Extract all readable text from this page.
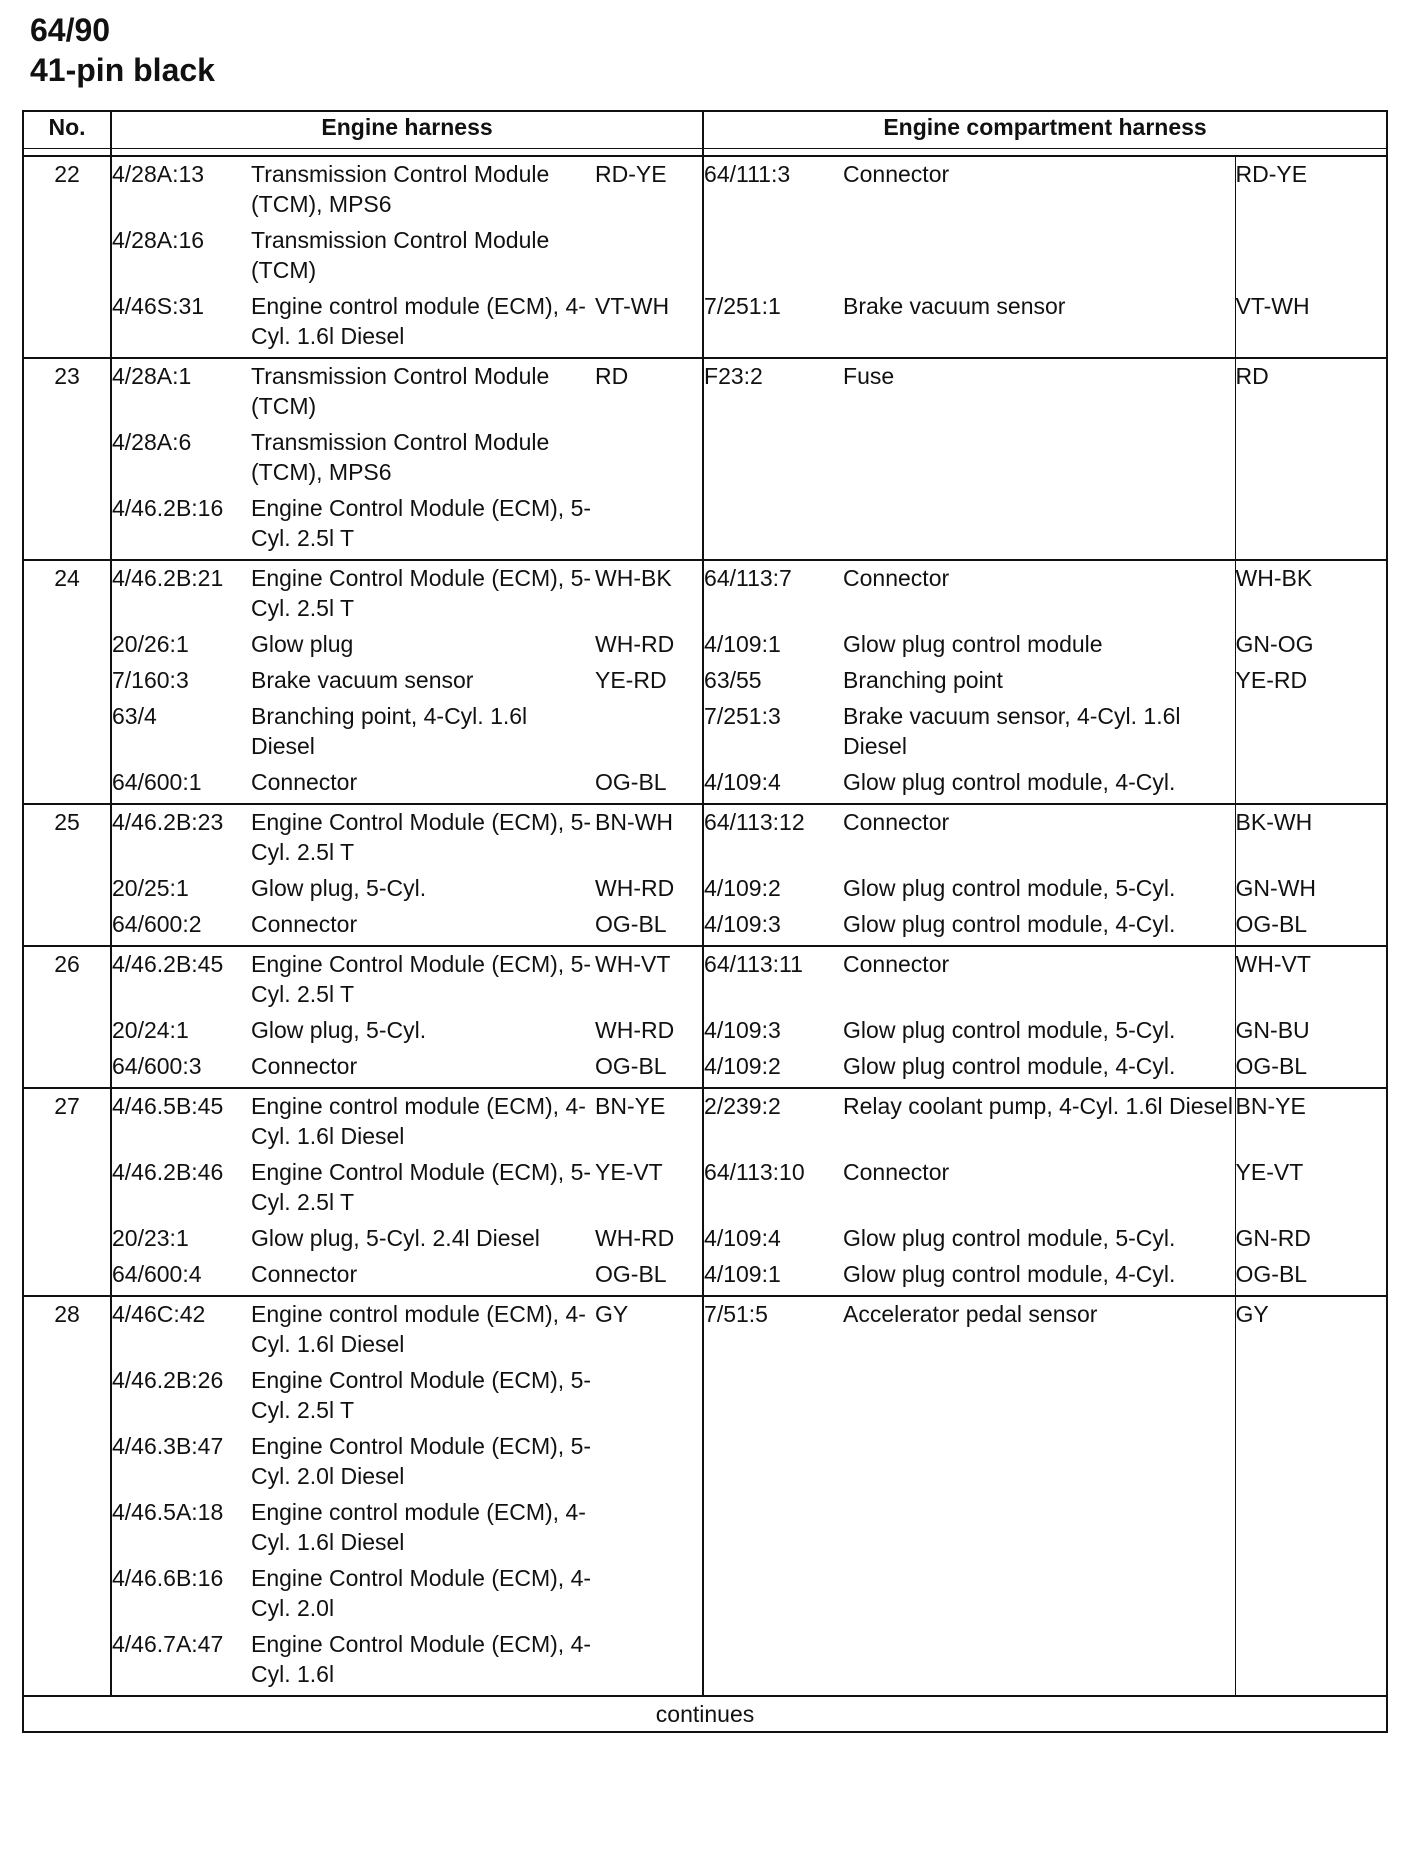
64/90
41-pin black
No.	Engine harness			Engine compartment harness		

22	4/28A:13	Transmission Control Module (TCM), MPS6	RD-YE	64/111:3	Connector	RD-YE
	4/28A:16	Transmission Control Module (TCM)				
	4/46S:31	Engine control module (ECM), 4-Cyl. 1.6l Diesel	VT-WH	7/251:1	Brake vacuum sensor	VT-WH
23	4/28A:1	Transmission Control Module (TCM)	RD	F23:2	Fuse	RD
	4/28A:6	Transmission Control Module (TCM), MPS6				
	4/46.2B:16	Engine Control Module (ECM), 5-Cyl. 2.5l T				
24	4/46.2B:21	Engine Control Module (ECM), 5-Cyl. 2.5l T	WH-BK	64/113:7	Connector	WH-BK
	20/26:1	Glow plug	WH-RD	4/109:1	Glow plug control module	GN-OG
	7/160:3	Brake vacuum sensor	YE-RD	63/55	Branching point	YE-RD
	63/4	Branching point, 4-Cyl. 1.6l Diesel		7/251:3	Brake vacuum sensor, 4-Cyl. 1.6l Diesel	
	64/600:1	Connector	OG-BL	4/109:4	Glow plug control module, 4-Cyl.	
25	4/46.2B:23	Engine Control Module (ECM), 5-Cyl. 2.5l T	BN-WH	64/113:12	Connector	BK-WH
	20/25:1	Glow plug, 5-Cyl.	WH-RD	4/109:2	Glow plug control module, 5-Cyl.	GN-WH
	64/600:2	Connector	OG-BL	4/109:3	Glow plug control module, 4-Cyl.	OG-BL
26	4/46.2B:45	Engine Control Module (ECM), 5-Cyl. 2.5l T	WH-VT	64/113:11	Connector	WH-VT
	20/24:1	Glow plug, 5-Cyl.	WH-RD	4/109:3	Glow plug control module, 5-Cyl.	GN-BU
	64/600:3	Connector	OG-BL	4/109:2	Glow plug control module, 4-Cyl.	OG-BL
27	4/46.5B:45	Engine control module (ECM), 4-Cyl. 1.6l Diesel	BN-YE	2/239:2	Relay coolant pump, 4-Cyl. 1.6l Diesel	BN-YE
	4/46.2B:46	Engine Control Module (ECM), 5-Cyl. 2.5l T	YE-VT	64/113:10	Connector	YE-VT
	20/23:1	Glow plug, 5-Cyl. 2.4l Diesel	WH-RD	4/109:4	Glow plug control module, 5-Cyl.	GN-RD
	64/600:4	Connector	OG-BL	4/109:1	Glow plug control module, 4-Cyl.	OG-BL
28	4/46C:42	Engine control module (ECM), 4-Cyl. 1.6l Diesel	GY	7/51:5	Accelerator pedal sensor	GY
	4/46.2B:26	Engine Control Module (ECM), 5-Cyl. 2.5l T				
	4/46.3B:47	Engine Control Module (ECM), 5-Cyl. 2.0l Diesel				
	4/46.5A:18	Engine control module (ECM), 4-Cyl. 1.6l Diesel				
	4/46.6B:16	Engine Control Module (ECM), 4-Cyl. 2.0l				
	4/46.7A:47	Engine Control Module (ECM), 4-Cyl. 1.6l				
continues						
